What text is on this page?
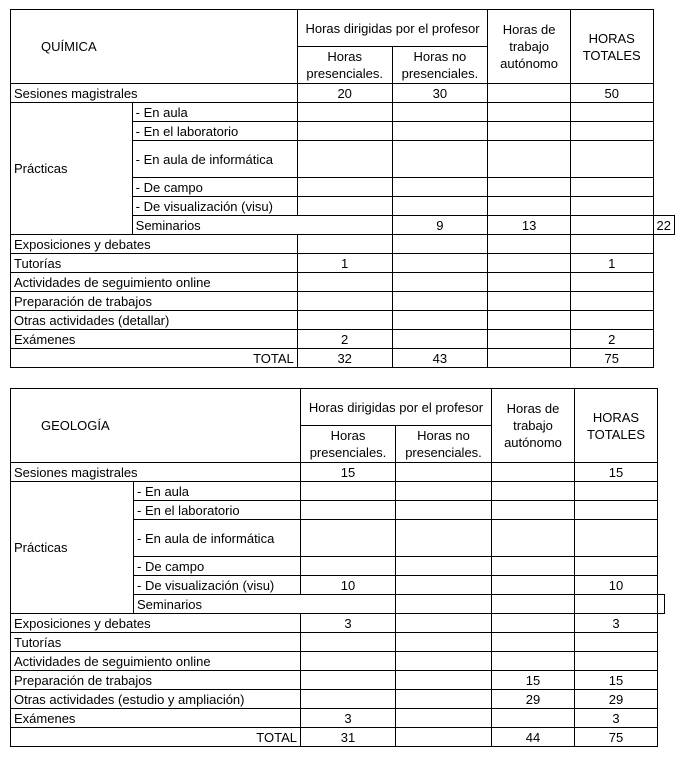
QUÍMICA		Horas dirigidas por el profesor		Horas de trabajo autónomo	HORAS TOTALES	
		Horas presenciales.	Horas no presenciales.			
Sesiones magistrales		20	30		50	
Prácticas	- En aula					
	- En el laboratorio					
	- En aula de informática					
	- De campo					
	- De visualización (visu)					
	Seminarios		9	13		22
Exposiciones y debates						
Tutorías		1			1	
Actividades de seguimiento online						
Preparación de trabajos						
Otras actividades (detallar)						
Exámenes		2			2	
TOTAL		32	43		75	
GEOLOGÍA		Horas dirigidas por el profesor		Horas de trabajo autónomo	HORAS TOTALES	
		Horas presenciales.	Horas no presenciales.			
Sesiones magistrales		15			15	
Prácticas	- En aula					
	- En el laboratorio					
	- En aula de informática					
	- De campo					
	- De visualización (visu)	10			10	
	Seminarios					
Exposiciones y debates		3			3	
Tutorías						
Actividades de seguimiento online						
Preparación de trabajos				15	15	
Otras actividades (estudio y ampliación)				29	29	
Exámenes		3			3	
TOTAL		31		44	75	
